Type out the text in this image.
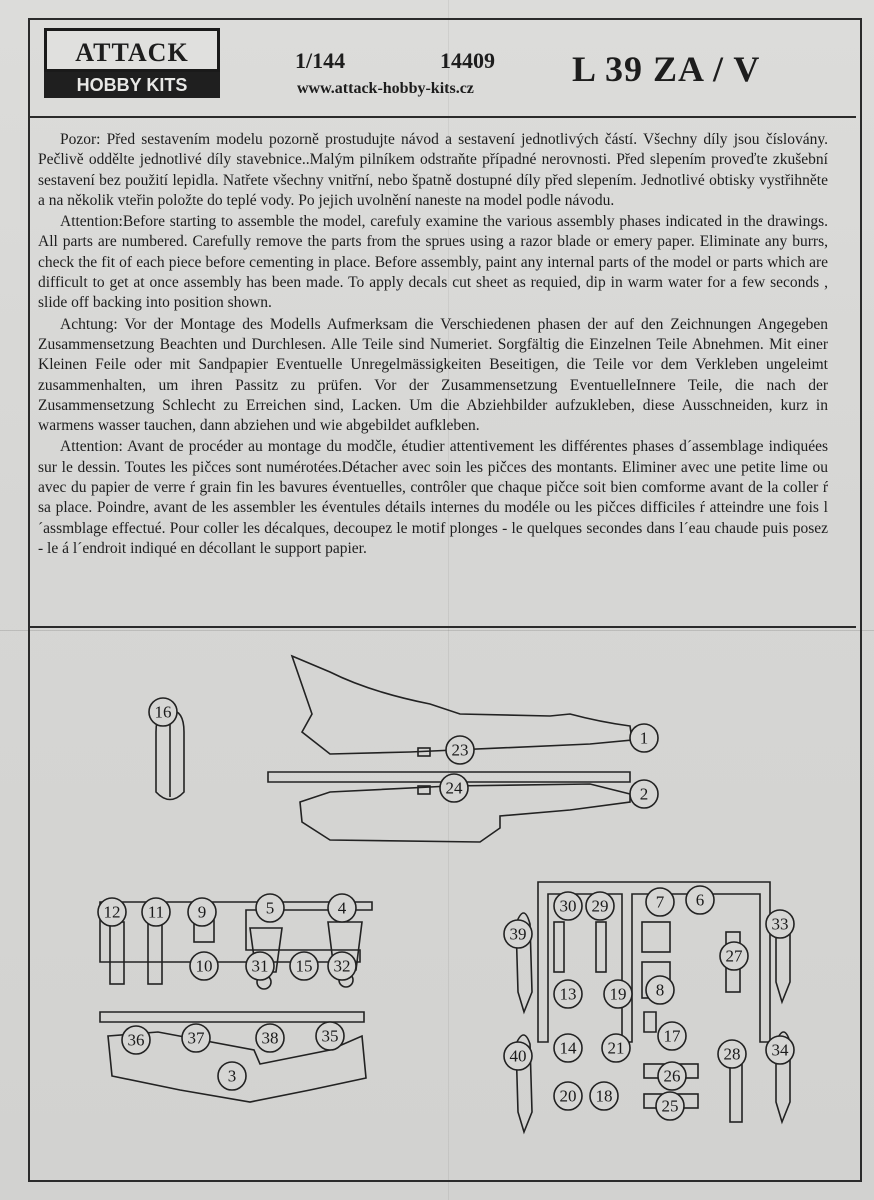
ATTACK
HOBBY KITS
1/144	14409
www.attack-hobby-kits.cz	L 39 ZA / V

Pozor: Před sestavením modelu pozorně prostudujte návod a sestavení jednotlivých částí. Všechny díly jsou číslovány. Pečlivě oddělte jednotlivé díly stavebnice..Malým pilníkem odstraňte případné nerovnosti. Před slepením proveďte zkušební sestavení bez použití lepidla. Natřete všechny vnitřní, nebo špatně dostupné díly před slepením. Jednotlivé obtisky vystřihněte a na několik vteřin položte do teplé vody. Po jejich uvolnění naneste na model podle návodu.

Attention:Before starting to assemble the model, carefuly examine the various assembly phases indicated in the drawings. All parts are numbered. Carefully remove the parts from the sprues using a razor blade or emery paper. Eliminate any burrs, check the fit of each piece before cementing in place. Before assembly, paint any internal parts of the model or parts which are difficult to get at once assembly has been made. To apply decals cut sheet as requied, dip in warm water for a few seconds , slide off backing into position shown.

Achtung: Vor der Montage des Modells Aufmerksam die Verschiedenen phasen der auf den Zeichnungen Angegeben Zusammensetzung Beachten und Durchlesen. Alle Teile sind Numeriet. Sorgfältig die Einzelnen Teile Abnehmen. Mit einer Kleinen Feile oder mit Sandpapier Eventuelle Unregelmässigkeiten Beseitigen, die Teile vor dem Verkleben ungeleimt zusammenhalten, um ihren Passitz zu prüfen. Vor der Zusammensetzung EventuelleInnere Teile, die nach der Zusammensetzung Schlecht zu Erreichen sind, Lacken. Um die Abziehbilder aufzukleben, diese Ausschneiden, kurz in warmens wasser tauchen, dann abziehen und wie abgebildet aufkleben.

Attention: Avant de procéder au montage du modčle, étudier attentivement les différentes phases d´assemblage indiquées sur le dessin. Toutes les pičces sont numérotées.Détacher avec soin les pičces des montants. Eliminer avec une petite lime ou avec du papier de verre ŕ grain fin les bavures éventuelles, contrôler que chaque pičce soit bien comforme avant de la coller ŕ sa place. Poindre, avant de les assembler les éventules détails internes du modéle ou les pičces difficiles ŕ atteindre une fois l´assmblage effectué. Pour coller les décalques, decoupez le motif plonges - le quelques secondes dans l´eau chaude puis posez - le á l´endroit indiqué en décollant le support papier.

16
1
2
23
24
12 11 9	5	4
10 31 15 32
36	37	38	35
3
30 29	7 6
39
33
27
13 19 8
17
14 21
40	28 34
26
25
20 18
